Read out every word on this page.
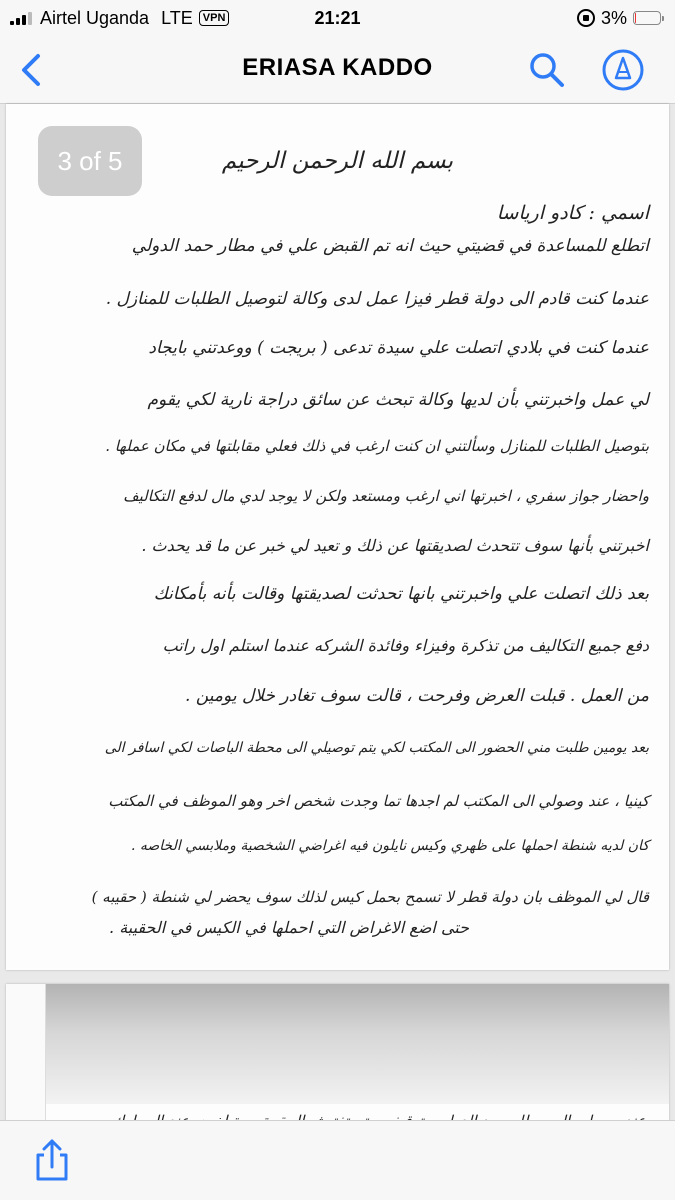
Airtel Uganda LTE VPN	21:21	3%
ERIASA KADDO
3 of 5	بسم الله الرحمن الرحيم
اسمي : كادو ارياسا
اتطلع للمساعدة في قضيتي حيث انه تم القبض علي في مطار حمد الدولي
عندما كنت قادم الى دولة قطر فيزا عمل لدى وكالة لتوصيل الطلبات للمنازل .
عندما كنت في بلادي اتصلت علي سيدة تدعى ( بريجت ) ووعدتني بايجاد
لي عمل واخبرتني بأن لديها وكالة تبحث عن سائق دراجة نارية لكي يقوم
بتوصيل الطلبات للمنازل وسألتني ان كنت ارغب في ذلك فعلي مقابلتها في مكان عملها .
واحضار جواز سفري ، اخبرتها اني ارغب ومستعد ولكن لا يوجد لدي مال لدفع التكاليف
اخبرتني بأنها سوف تتحدث لصديقتها عن ذلك و تعيد لي خبر عن ما قد يحدث .
بعد ذلك اتصلت علي واخبرتني بانها تحدثت لصديقتها وقالت بأنه بأمكانك
دفع جميع التكاليف من تذكرة وفيزاء وفائدة الشركه عندما استلم اول راتب
من العمل . قبلت العرض وفرحت ، قالت سوف تغادر خلال يومين .
بعد يومين طلبت مني الحضور الى المكتب لكي يتم توصيلي الى محطة الباصات لكي اسافر الى
كينيا ، عند وصولي الى المكتب لم اجدها تما وجدت شخص اخر وهو الموظف في المكتب
كان لديه شنطة احملها على ظهري وكيس نايلون فيه اغراضي الشخصية وملابسي الخاصه .
قال لي الموظف بان دولة قطر لا تسمح بحمل كيس لذلك سوف يحضر لي شنطة ( حقيبه )
حتى اضع الاغراض التي احملها في الكيس في الحقيبة .
